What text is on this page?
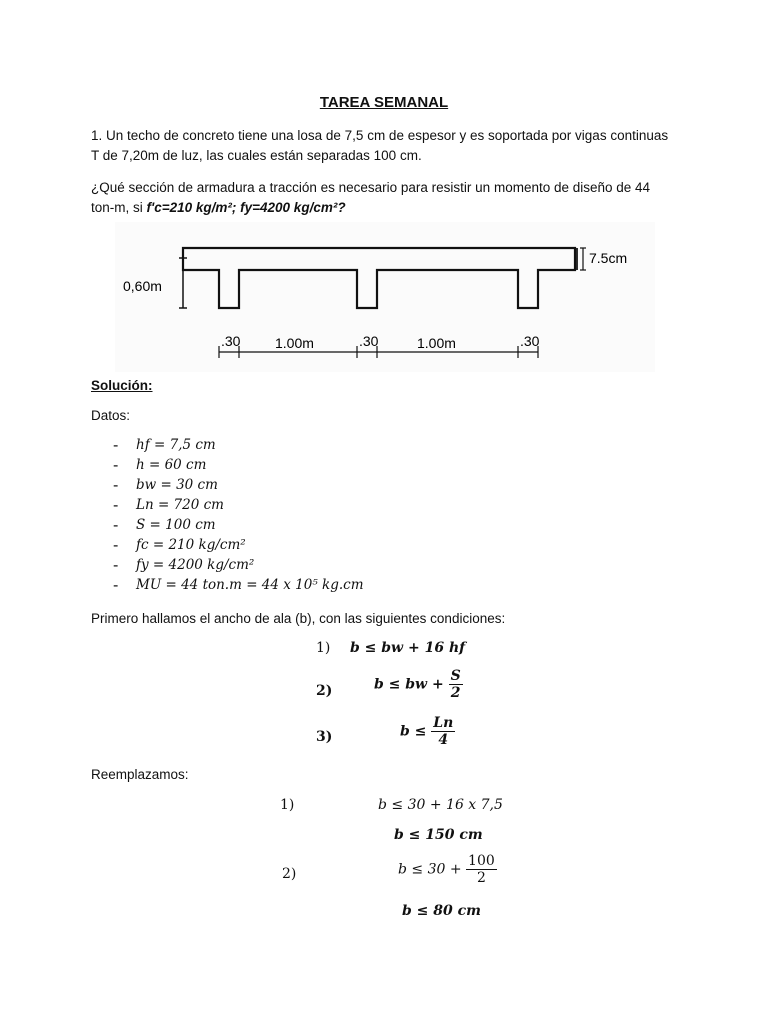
TAREA SEMANAL
1. Un techo de concreto tiene una losa de 7,5 cm de espesor y es soportada por vigas continuas
T de 7,20m de luz, las cuales están separadas 100 cm.
¿Qué sección de armadura a tracción es necesario para resistir un momento de diseño de 44
ton-m, si f'c=210 kg/m²; fy=4200 kg/cm²?
0,60m
7.5cm
.30 1.00m	.30	1.00m	.30
Solución:
Datos:
- hf = 7,5 cm
- h = 60 cm
- bw = 30 cm
- Ln = 720 cm
- S = 100 cm
- fc = 210 kg/cm²
- fy = 4200 kg/cm²
- MU = 44 ton.m = 44 x 10⁵ kg.cm
Primero hallamos el ancho de ala (b), con las siguientes condiciones:
1) b ≤ bw + 16 hf
2)	b ≤ bw + $\frac{S}{2}$
3)	$b \le \frac{Ln}{4}$
Reemplazamos:
1)	b ≤ 30 + 16 x 7,5
b ≤ 150 cm
2)	$b \le 30 + \frac{100}{2}$
b ≤ 80 cm
